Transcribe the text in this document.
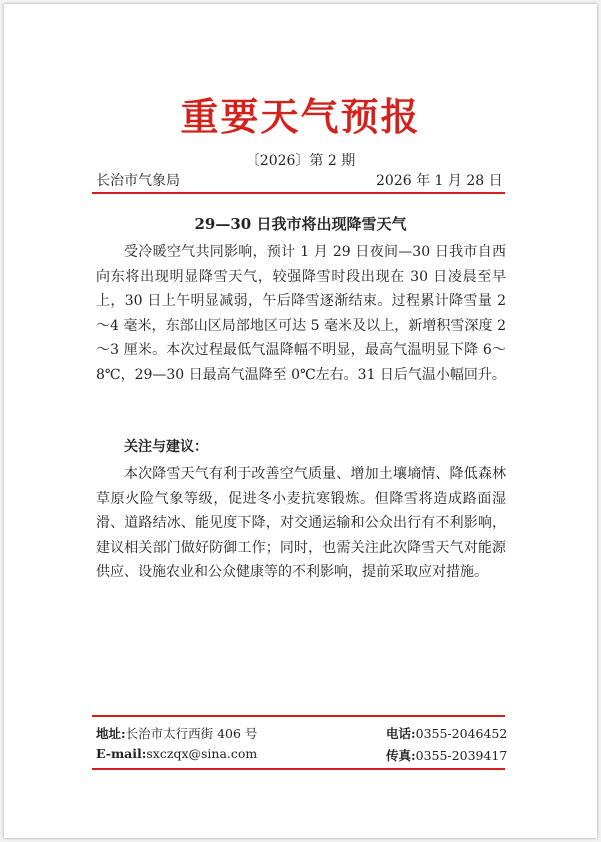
重要天气预报
〔2026〕第 2 期
长治市气象局	2026 年 1 月 28 日
29—30 日我市将出现降雪天气

受冷暖空气共同影响，预计 1 月 29 日夜间—30 日我市自西向东将出现明显降雪天气，较强降雪时段出现在 30 日凌晨至早上，30 日上午明显减弱，午后降雪逐渐结束。过程累计降雪量 2～4 毫米，东部山区局部地区可达 5 毫米及以上，新增积雪深度 2～3 厘米。本次过程最低气温降幅不明显，最高气温明显下降 6～8℃，29—30 日最高气温降至 0℃左右。31 日后气温小幅回升。

关注与建议：

本次降雪天气有利于改善空气质量、增加土壤墒情、降低森林草原火险气象等级，促进冬小麦抗寒锻炼。但降雪将造成路面湿滑、道路结冰、能见度下降，对交通运输和公众出行有不利影响，建议相关部门做好防御工作；同时，也需关注此次降雪天气对能源供应、设施农业和公众健康等的不利影响，提前采取应对措施。

地址:长治市太行西街 406 号	电话:0355-2046452
E-mail:sxczqx@sina.com	传真:0355-2039417
